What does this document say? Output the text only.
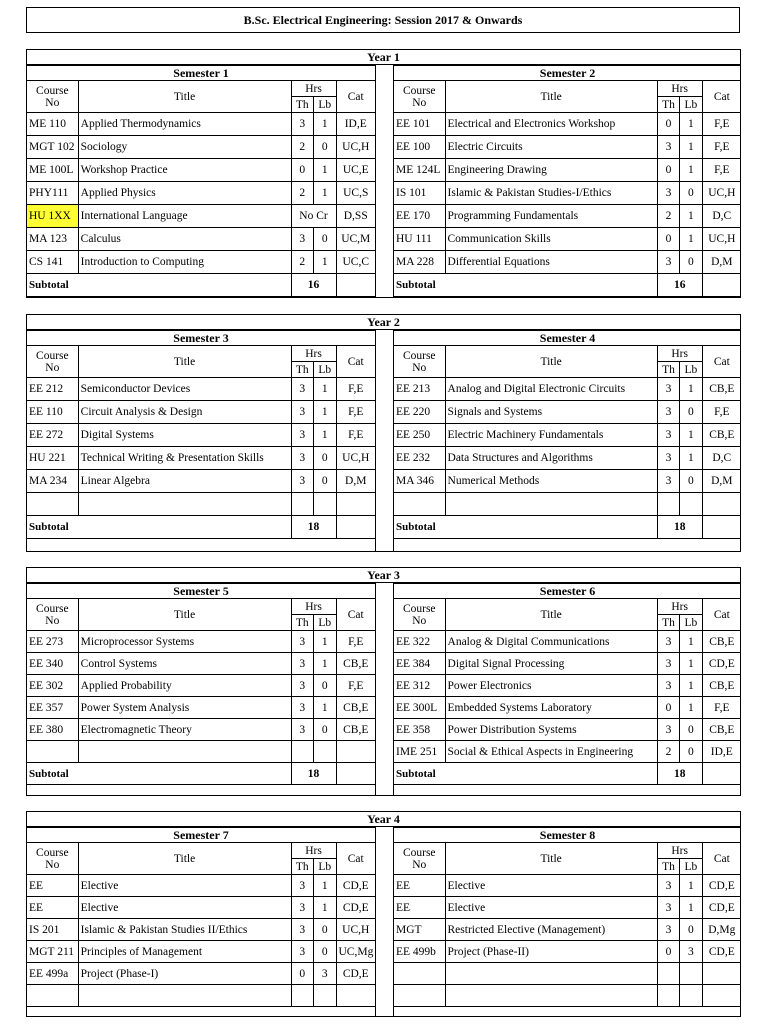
B.Sc. Electrical Engineering: Session 2017 & Onwards
Year 1
Semester 1				

Course
No	Title	Hrs		Cat
		Th	Lb	
ME 110	Applied Thermodynamics	3	1	ID,E
MGT 102	Sociology	2	0	UC,H
ME 100L	Workshop Practice	0	1	UC,E
PHY111	Applied Physics	2	1	UC,S
HU 1XX	International Language	No Cr		D,SS
MA 123	Calculus	3	0	UC,M
CS 141	Introduction to Computing	2	1	UC,C
Subtotal		16		
Semester 2				

Course
No	Title	Hrs		Cat
		Th	Lb	
EE 101	Electrical and Electronics Workshop	0	1	F,E
EE 100	Electric Circuits	3	1	F,E
ME 124L	Engineering Drawing	0	1	F,E
IS 101	Islamic & Pakistan Studies-I/Ethics	3	0	UC,H
EE 170	Programming Fundamentals	2	1	D,C
HU 111	Communication Skills	0	1	UC,H
MA 228	Differential Equations	3	0	D,M
Subtotal		16		
Year 2
Semester 3				

Course
No	Title	Hrs		Cat
		Th	Lb	
EE 212	Semiconductor Devices	3	1	F,E
EE 110	Circuit Analysis & Design	3	1	F,E
EE 272	Digital Systems	3	1	F,E
HU 221	Technical Writing & Presentation Skills	3	0	UC,H
MA 234	Linear Algebra	3	0	D,M

Subtotal		18		
Semester 4				

Course
No	Title	Hrs		Cat
		Th	Lb	
EE 213	Analog and Digital Electronic Circuits	3	1	CB,E
EE 220	Signals and Systems	3	0	F,E
EE 250	Electric Machinery Fundamentals	3	1	CB,E
EE 232	Data Structures and Algorithms	3	1	D,C
MA 346	Numerical Methods	3	0	D,M

Subtotal		18		
Year 3
Semester 5				

Course
No	Title	Hrs		Cat
		Th	Lb	
EE 273	Microprocessor Systems	3	1	F,E
EE 340	Control Systems	3	1	CB,E
EE 302	Applied Probability	3	0	F,E
EE 357	Power System Analysis	3	1	CB,E
EE 380	Electromagnetic Theory	3	0	CB,E

Subtotal		18		
Semester 6				

Course
No	Title	Hrs		Cat
		Th	Lb	
EE 322	Analog & Digital Communications	3	1	CB,E
EE 384	Digital Signal Processing	3	1	CD,E
EE 312	Power Electronics	3	1	CB,E
EE 300L	Embedded Systems Laboratory	0	1	F,E
EE 358	Power Distribution Systems	3	0	CB,E
IME 251	Social & Ethical Aspects in Engineering	2	0	ID,E
Subtotal		18		
Year 4
Semester 7				

Course
No	Title	Hrs		Cat
		Th	Lb	
EE	Elective	3	1	CD,E
EE	Elective	3	1	CD,E
IS 201	Islamic & Pakistan Studies II/Ethics	3	0	UC,H
MGT 211	Principles of Management	3	0	UC,Mg
EE 499a	Project (Phase-I)	0	3	CD,E

Semester 8				

Course
No	Title	Hrs		Cat
		Th	Lb	
EE	Elective	3	1	CD,E
EE	Elective	3	1	CD,E
MGT	Restricted Elective (Management)	3	0	D,Mg
EE 499b	Project (Phase-II)	0	3	CD,E
